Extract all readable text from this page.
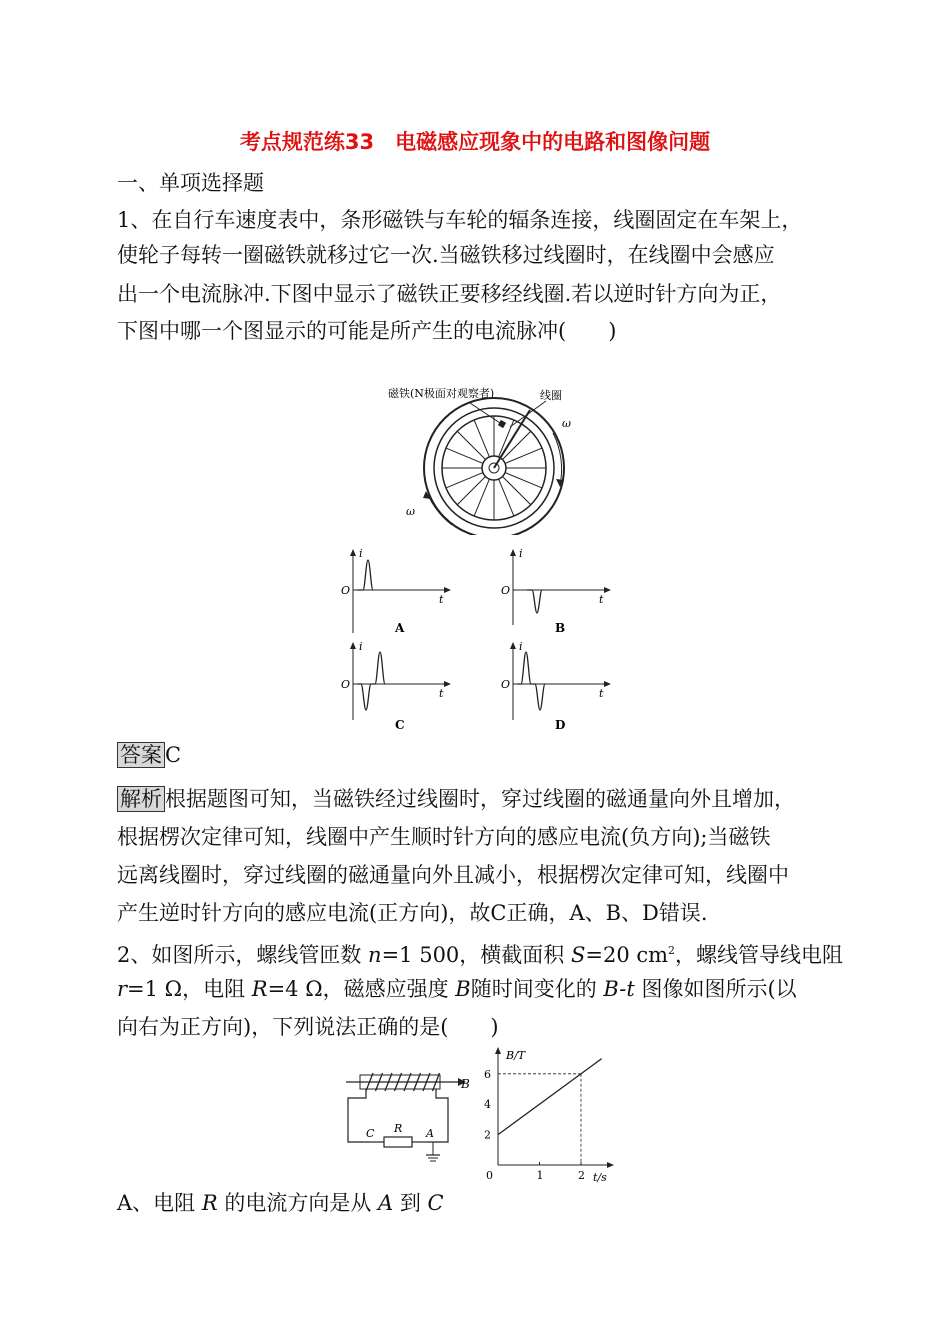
考点规范练33　电磁感应现象中的电路和图像问题
一、单项选择题
1、在自行车速度表中，条形磁铁与车轮的辐条连接，线圈固定在车架上，
使轮子每转一圈磁铁就移过它一次.当磁铁移过线圈时，在线圈中会感应
出一个电流脉冲.下图中显示了磁铁正要移经线圈.若以逆时针方向为正，
下图中哪一个图显示的可能是所产生的电流脉冲(　　)
磁铁(N极面对观察者)	线圈
ω
ω
i
t
O
A
i
t
O
B
i
t
O
C
i
t
O
D
答案 C
解析 根据题图可知，当磁铁经过线圈时，穿过线圈的磁通量向外且增加，
根据楞次定律可知，线圈中产生顺时针方向的感应电流(负方向);当磁铁
远离线圈时，穿过线圈的磁通量向外且减小，根据楞次定律可知，线圈中
产生逆时针方向的感应电流(正方向)，故C正确，A、B、D错误.
2、如图所示，螺线管匝数 n=1 500，横截面积 S=20 $cm^2$，螺线管导线电阻
r=1 Ω，电阻 R=4 Ω，磁感应强度 B随时间变化的 B-t 图像如图所示(以
向右为正方向)，下列说法正确的是(　　)
B
C R A
B/T
t/s
2
4
6
0	1	2
A、电阻 R 的电流方向是从 A 到 C
